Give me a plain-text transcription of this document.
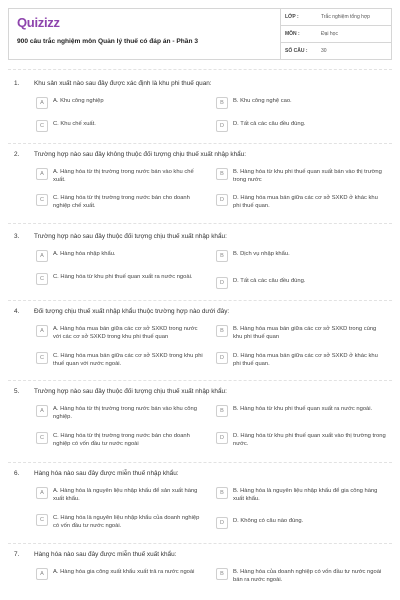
Quizizz
900 câu trắc nghiệm môn Quản lý thuế có đáp án - Phần 3
LỚP :	Trắc nghiệm tổng hợp
MÔN :	Đại học
SỐ CÂU :	30
1.	Khu sản xuất nào sau đây được xác định là khu phi thuế quan:
A	A. Khu công nghiệp	B	B. Khu công nghệ cao.
C	C. Khu chế xuất.	D	D. Tất cả các câu đều đúng.
2.	Trường hợp nào sau đây không thuộc đối tượng chịu thuế xuất nhập khẩu:
A	A. Hàng hóa từ thị trường trong nước bán vào khu chế xuất.
B	B. Hàng hóa từ khu phi thuế quan xuất bán vào thị trường trong nước
C	C. Hàng hóa từ thị trường trong nước bán cho doanh nghiệp chế xuất.
D	D. Hàng hóa mua bán giữa các cơ sở SXKD ở khác khu phi thuế quan.
3.	Trường hợp nào sau đây thuộc đối tượng chịu thuế xuất nhập khẩu:
A	A. Hàng hóa nhập khẩu.	B	B. Dịch vụ nhập khẩu.
C	C. Hàng hóa từ khu phi thuế quan xuất ra nước ngoài.
D	D. Tất cả các câu đều đúng.
4.	Đối tượng chịu thuế xuất nhập khẩu thuộc trường hợp nào dưới đây:
A	A. Hàng hóa mua bán giữa các cơ sở SXKD trong nước với các cơ sở SXKD trong khu phi thuế quan
B	B. Hàng hóa mua bán giữa các cơ sở SXKD trong cùng khu phi thuế quan
C	C. Hàng hóa mua bán giữa các cơ sở SXKD trong khu phi thuế quan với nước ngoài.
D	D. Hàng hóa mua bán giữa các cơ sở SXKD ở khác khu phi thuế quan.
5.	Trường hợp nào sau đây thuộc đối tượng chịu thuế xuất nhập khẩu:
A	A. Hàng hóa từ thị trường trong nước bán vào khu công nghiệp.
B	B. Hàng hóa từ khu phi thuế quan xuất ra nước ngoài.
C	C. Hàng hóa từ thị trường trong nước bán cho doanh nghiệp có vốn đầu tư nước ngoài
D	D. Hàng hóa từ khu phi thuế quan xuất vào thị trường trong nước.
6.	Hàng hóa nào sau đây được miễn thuế nhập khẩu:
A	A. Hàng hóa là nguyên liệu nhập khẩu để sản xuất hàng xuất khẩu.
B	B. Hàng hóa là nguyên liệu nhập khẩu để gia công hàng xuất khẩu.
C	C. Hàng hóa là nguyên liệu nhập khẩu của doanh nghiệp có vốn đầu tư nước ngoài.	D	D. Không có câu nào đúng.
7.	Hàng hóa nào sau đây được miễn thuế xuất khẩu:
A	A. Hàng hóa gia công xuất khẩu xuất trả ra nước ngoài	B	B. Hàng hóa của doanh nghiệp có vốn đầu tư nước ngoài bán ra nước ngoài.
